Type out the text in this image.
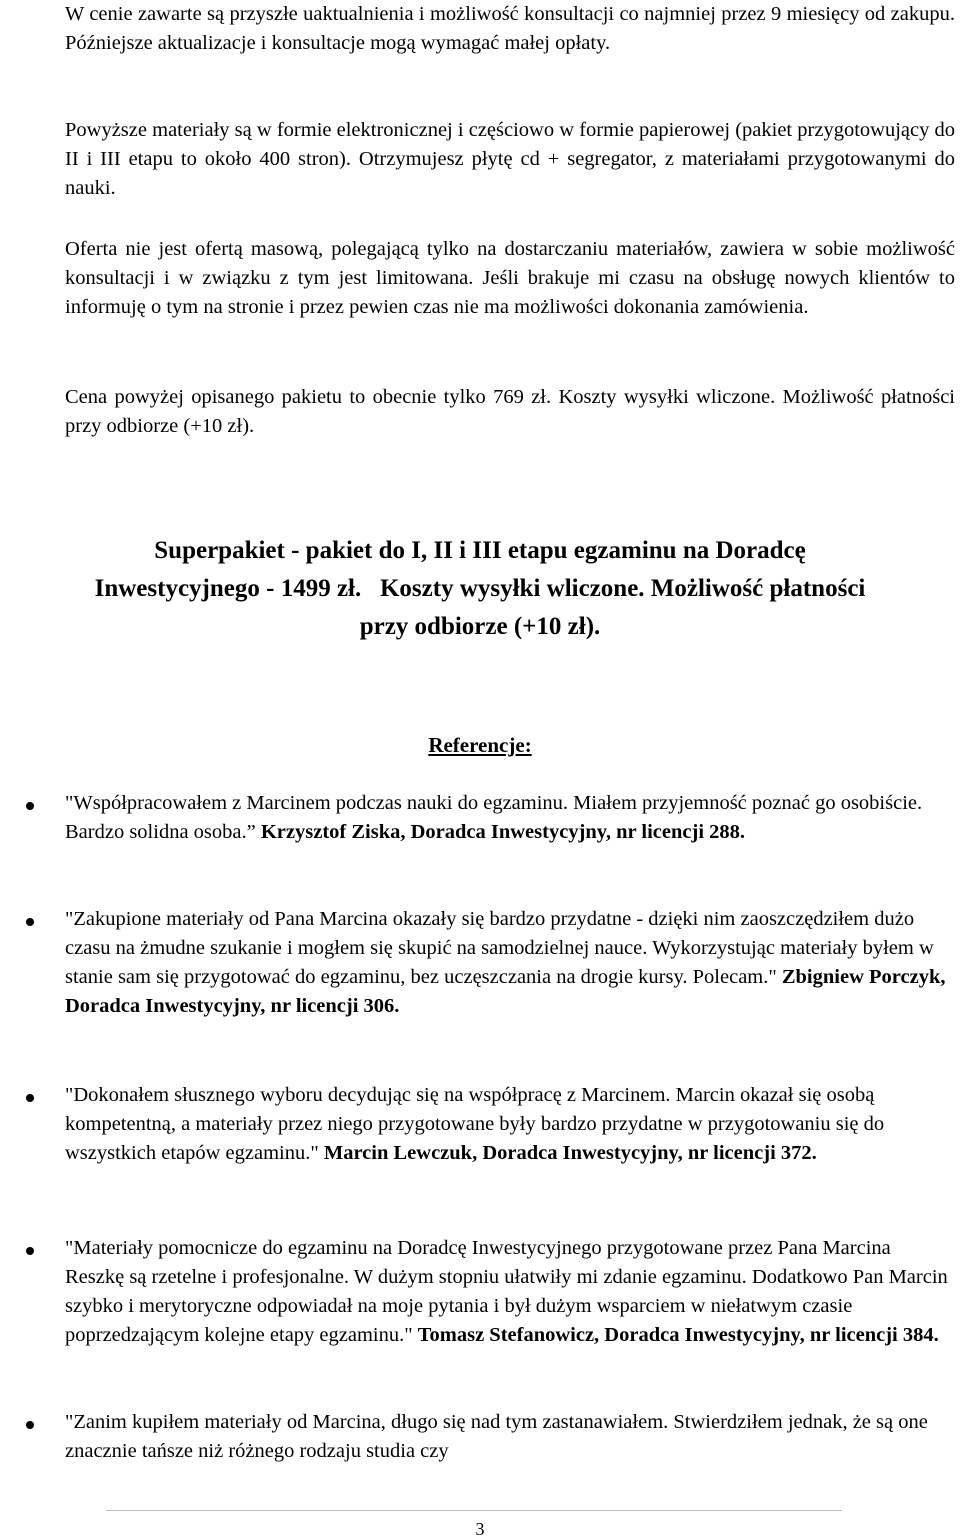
W cenie zawarte są przyszłe uaktualnienia i możliwość konsultacji co najmniej przez 9 miesięcy od zakupu. Późniejsze aktualizacje i konsultacje mogą wymagać małej opłaty.

Powyższe materiały są w formie elektronicznej i częściowo w formie papierowej (pakiet przygotowujący do II i III etapu to około 400 stron). Otrzymujesz płytę cd + segregator, z materiałami przygotowanymi do nauki.

Oferta nie jest ofertą masową, polegającą tylko na dostarczaniu materiałów, zawiera w sobie możliwość konsultacji i w związku z tym jest limitowana. Jeśli brakuje mi czasu na obsługę nowych klientów to informuję o tym na stronie i przez pewien czas nie ma możliwości dokonania zamówienia.

Cena powyżej opisanego pakietu to obecnie tylko 769 zł. Koszty wysyłki wliczone. Możliwość płatności przy odbiorze (+10 zł).

Superpakiet - pakiet do I, II i III etapu egzaminu na Doradcę
Inwestycyjnego - 1499 zł.   Koszty wysyłki wliczone. Możliwość płatności
przy odbiorze (+10 zł).
Referencje:

"Współpracowałem z Marcinem podczas nauki do egzaminu. Miałem przyjemność poznać go osobiście. Bardzo solidna osoba.” Krzysztof Ziska, Doradca Inwestycyjny, nr licencji 288.

"Zakupione materiały od Pana Marcina okazały się bardzo przydatne - dzięki nim zaoszczędziłem dużo czasu na żmudne szukanie i mogłem się skupić na samodzielnej nauce. Wykorzystując materiały byłem w stanie sam się przygotować do egzaminu, bez uczęszczania na drogie kursy. Polecam." Zbigniew Porczyk, Doradca Inwestycyjny, nr licencji 306.

"Dokonałem słusznego wyboru decydując się na współpracę z Marcinem. Marcin okazał się osobą kompetentną, a materiały przez niego przygotowane były bardzo przydatne w przygotowaniu się do wszystkich etapów egzaminu." Marcin Lewczuk, Doradca Inwestycyjny, nr licencji 372.

"Materiały pomocnicze do egzaminu na Doradcę Inwestycyjnego przygotowane przez Pana Marcina Reszkę są rzetelne i profesjonalne. W dużym stopniu ułatwiły mi zdanie egzaminu. Dodatkowo Pan Marcin szybko i merytoryczne odpowiadał na moje pytania i był dużym wsparciem w niełatwym czasie poprzedzającym kolejne etapy egzaminu." Tomasz Stefanowicz, Doradca Inwestycyjny, nr licencji 384.

"Zanim kupiłem materiały od Marcina, długo się nad tym zastanawiałem. Stwierdziłem jednak, że są one znacznie tańsze niż różnego rodzaju studia czy

3
